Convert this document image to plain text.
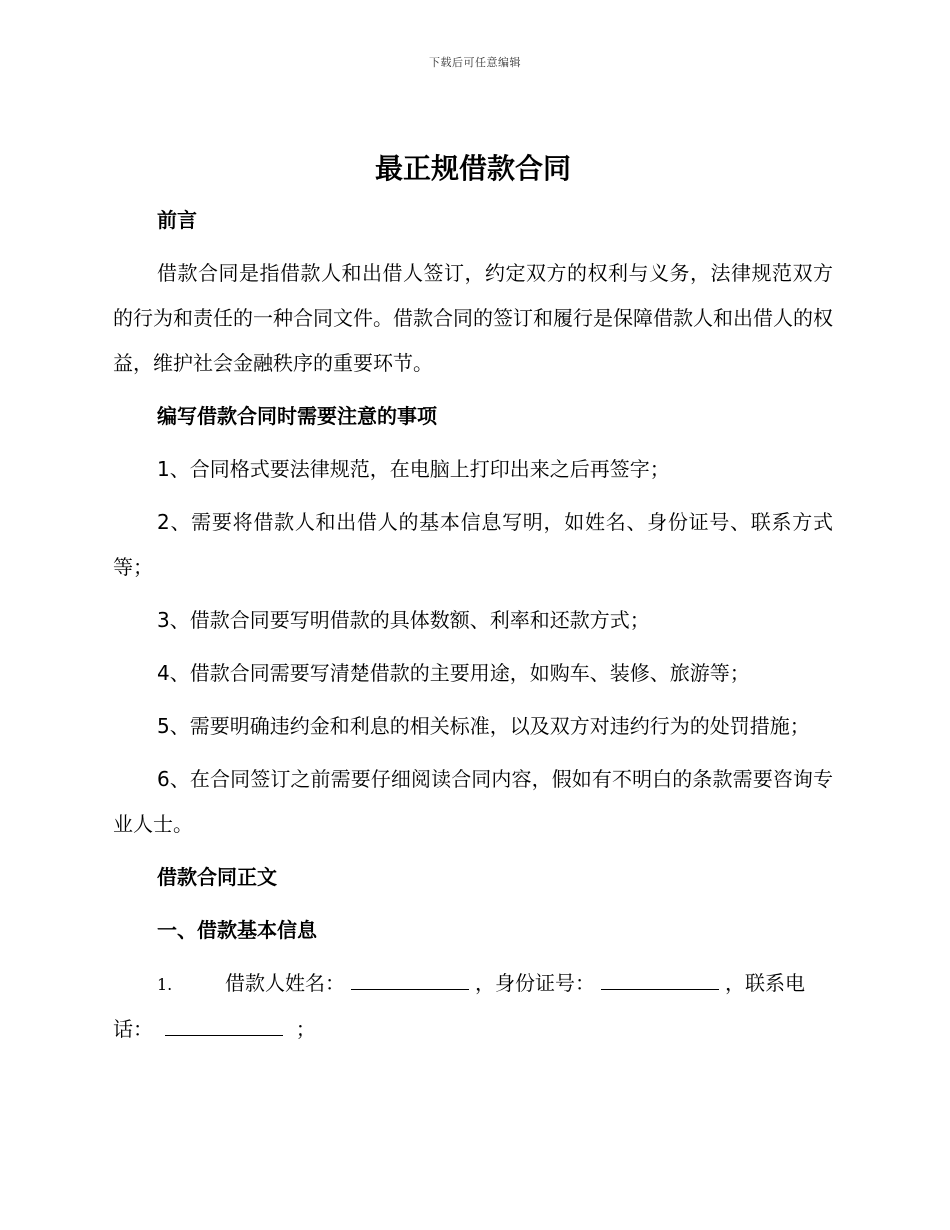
下载后可任意编辑
最正规借款合同
前言
借款合同是指借款人和出借人签订，约定双方的权利与义务，法律规范双方的行为和责任的一种合同文件。借款合同的签订和履行是保障借款人和出借人的权益，维护社会金融秩序的重要环节。
编写借款合同时需要注意的事项
1、合同格式要法律规范，在电脑上打印出来之后再签字；
2、需要将借款人和出借人的基本信息写明，如姓名、身份证号、联系方式等；
3、借款合同要写明借款的具体数额、利率和还款方式；
4、借款合同需要写清楚借款的主要用途，如购车、装修、旅游等；
5、需要明确违约金和利息的相关标准，以及双方对违约行为的处罚措施；
6、在合同签订之前需要仔细阅读合同内容，假如有不明白的条款需要咨询专业人士。
借款合同正文
一、借款基本信息
1.	借款人姓名：	， 身份证号：	， 联系电
话：	；
